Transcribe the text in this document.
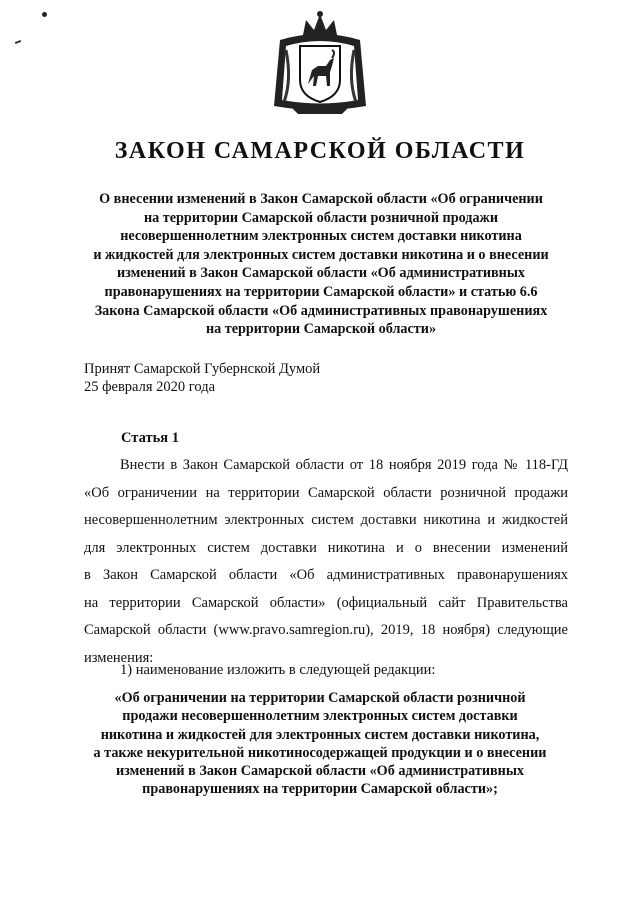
ЗАКОН САМАРСКОЙ ОБЛАСТИ
О внесении изменений в Закон Самарской области «Об ограничении
на территории Самарской области розничной продажи
несовершеннолетним электронных систем доставки никотина
и жидкостей для электронных систем доставки никотина и о внесении
изменений в Закон Самарской области «Об административных
правонарушениях на территории Самарской области» и статью 6.6
Закона Самарской области «Об административных правонарушениях
на территории Самарской области»
Принят Самарской Губернской Думой
25 февраля 2020 года
Статья 1
Внести в Закон Самарской области от 18 ноября 2019 года № 118-ГД
«Об ограничении на территории Самарской области розничной продажи
несовершеннолетним электронных систем доставки никотина и жидкостей
для электронных систем доставки никотина и о внесении изменений
в Закон Самарской области «Об административных правонарушениях
на территории Самарской области» (официальный сайт Правительства
Самарской области (www.pravo.samregion.ru), 2019, 18 ноября) следующие
изменения:
1) наименование изложить в следующей редакции:
«Об ограничении на территории Самарской области розничной
продажи несовершеннолетним электронных систем доставки
никотина и жидкостей для электронных систем доставки никотина,
а также некурительной никотиносодержащей продукции и о внесении
изменений в Закон Самарской области «Об административных
правонарушениях на территории Самарской области»;
